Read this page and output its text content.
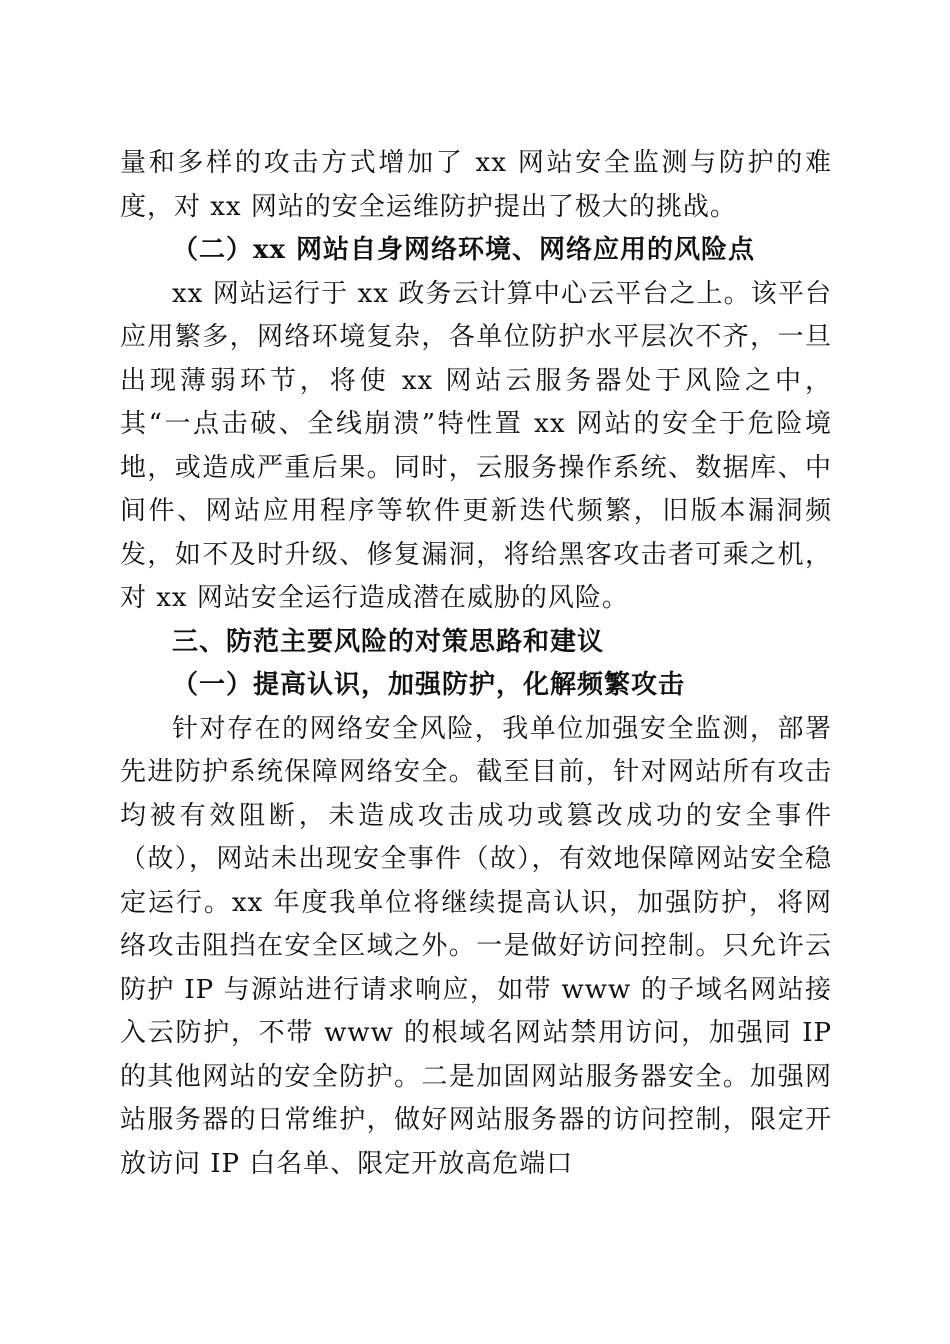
量和多样的攻击方式增加了 xx 网站安全监测与防护的难度，对 xx 网站的安全运维防护提出了极大的挑战。

（二）xx 网站自身网络环境、网络应用的风险点

xx 网站运行于 xx 政务云计算中心云平台之上。该平台应用繁多，网络环境复杂，各单位防护水平层次不齐，一旦出现薄弱环节，将使 xx 网站云服务器处于风险之中，其“一点击破、全线崩溃”特性置 xx 网站的安全于危险境地，或造成严重后果。同时，云服务操作系统、数据库、中间件、网站应用程序等软件更新迭代频繁，旧版本漏洞频发，如不及时升级、修复漏洞，将给黑客攻击者可乘之机，对 xx 网站安全运行造成潜在威胁的风险。

三、防范主要风险的对策思路和建议

（一）提高认识，加强防护，化解频繁攻击

针对存在的网络安全风险，我单位加强安全监测，部署先进防护系统保障网络安全。截至目前，针对网站所有攻击均被有效阻断，未造成攻击成功或篡改成功的安全事件（故），网站未出现安全事件（故），有效地保障网站安全稳定运行。xx 年度我单位将继续提高认识，加强防护，将网络攻击阻挡在安全区域之外。一是做好访问控制。只允许云防护 IP 与源站进行请求响应，如带 www 的子域名网站接入云防护，不带 www 的根域名网站禁用访问，加强同 IP 的其他网站的安全防护。二是加固网站服务器安全。加强网站服务器的日常维护，做好网站服务器的访问控制，限定开放访问 IP 白名单、限定开放高危端口
